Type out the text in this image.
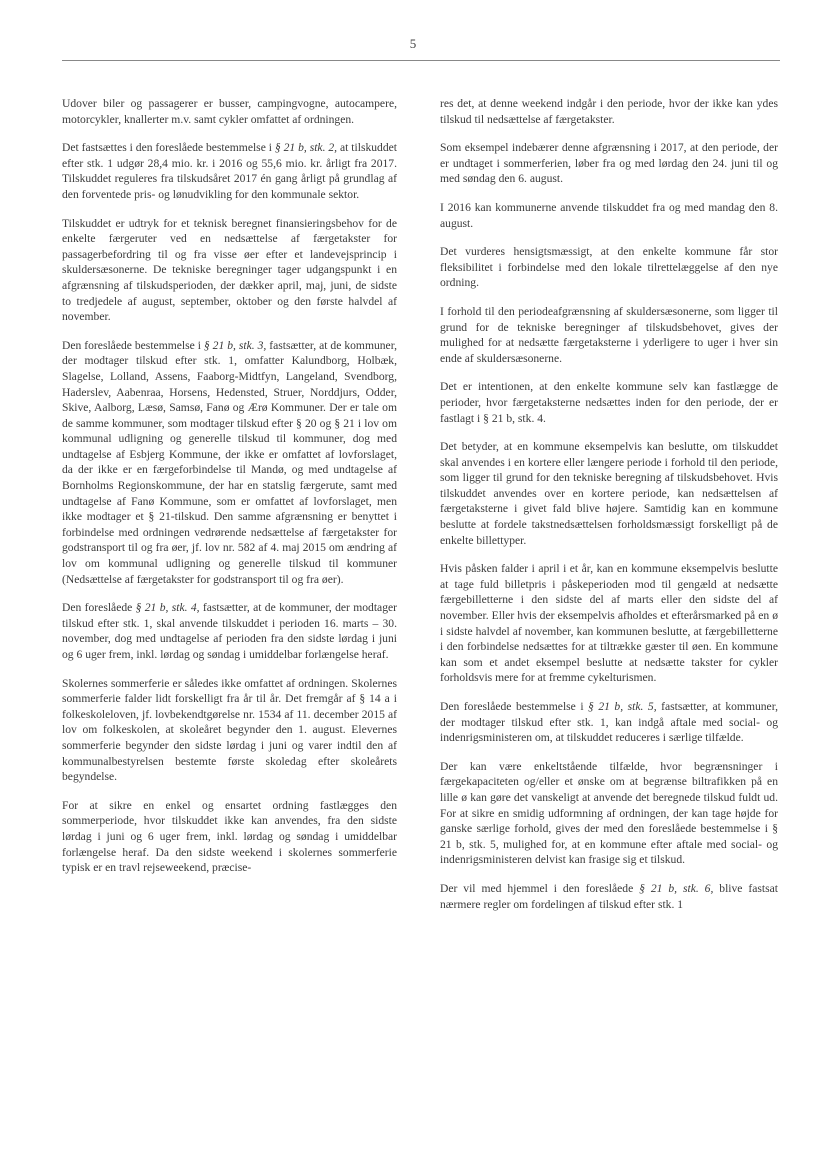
5

Udover biler og passagerer er busser, campingvogne, autocampere, motorcykler, knallerter m.v. samt cykler omfattet af ordningen.

Det fastsættes i den foreslåede bestemmelse i § 21 b, stk. 2, at tilskuddet efter stk. 1 udgør 28,4 mio. kr. i 2016 og 55,6 mio. kr. årligt fra 2017. Tilskuddet reguleres fra tilskudsåret 2017 én gang årligt på grundlag af den forventede pris- og lønudvikling for den kommunale sektor.

Tilskuddet er udtryk for et teknisk beregnet finansieringsbehov for de enkelte færgeruter ved en nedsættelse af færgetakster for passagerbefordring til og fra visse øer efter et landevejsprincip i skuldersæsonerne. De tekniske beregninger tager udgangspunkt i en afgrænsning af tilskudsperioden, der dækker april, maj, juni, de sidste to tredjedele af august, september, oktober og den første halvdel af november.

Den foreslåede bestemmelse i § 21 b, stk. 3, fastsætter, at de kommuner, der modtager tilskud efter stk. 1, omfatter Kalundborg, Holbæk, Slagelse, Lolland, Assens, Faaborg-Midtfyn, Langeland, Svendborg, Haderslev, Aabenraa, Horsens, Hedensted, Struer, Norddjurs, Odder, Skive, Aalborg, Læsø, Samsø, Fanø og Ærø Kommuner. Der er tale om de samme kommuner, som modtager tilskud efter § 20 og § 21 i lov om kommunal udligning og generelle tilskud til kommuner, dog med undtagelse af Esbjerg Kommune, der ikke er omfattet af lovforslaget, da der ikke er en færgeforbindelse til Mandø, og med undtagelse af Bornholms Regionskommune, der har en statslig færgerute, samt med undtagelse af Fanø Kommune, som er omfattet af lovforslaget, men ikke modtager et § 21-tilskud. Den samme afgrænsning er benyttet i forbindelse med ordningen vedrørende nedsættelse af færgetakster for godstransport til og fra øer, jf. lov nr. 582 af 4. maj 2015 om ændring af lov om kommunal udligning og generelle tilskud til kommuner (Nedsættelse af færgetakster for godstransport til og fra øer).

Den foreslåede § 21 b, stk. 4, fastsætter, at de kommuner, der modtager tilskud efter stk. 1, skal anvende tilskuddet i perioden 16. marts – 30. november, dog med undtagelse af perioden fra den sidste lørdag i juni og 6 uger frem, inkl. lørdag og søndag i umiddelbar forlængelse heraf.

Skolernes sommerferie er således ikke omfattet af ordningen. Skolernes sommerferie falder lidt forskelligt fra år til år. Det fremgår af § 14 a i folkeskoleloven, jf. lovbekendtgørelse nr. 1534 af 11. december 2015 af lov om folkeskolen, at skoleåret begynder den 1. august. Elevernes sommerferie begynder den sidste lørdag i juni og varer indtil den af kommunalbestyrelsen bestemte første skoledag efter skoleårets begyndelse.

For at sikre en enkel og ensartet ordning fastlægges den sommerperiode, hvor tilskuddet ikke kan anvendes, fra den sidste lørdag i juni og 6 uger frem, inkl. lørdag og søndag i umiddelbar forlængelse heraf. Da den sidste weekend i skolernes sommerferie typisk er en travl rejseweekend, præcise-

res det, at denne weekend indgår i den periode, hvor der ikke kan ydes tilskud til nedsættelse af færgetakster.

Som eksempel indebærer denne afgrænsning i 2017, at den periode, der er undtaget i sommerferien, løber fra og med lørdag den 24. juni til og med søndag den 6. august.

I 2016 kan kommunerne anvende tilskuddet fra og med mandag den 8. august.

Det vurderes hensigtsmæssigt, at den enkelte kommune får stor fleksibilitet i forbindelse med den lokale tilrettelæggelse af den nye ordning.

I forhold til den periodeafgrænsning af skuldersæsonerne, som ligger til grund for de tekniske beregninger af tilskudsbehovet, gives der mulighed for at nedsætte færgetaksterne i yderligere to uger i hver sin ende af skuldersæsonerne.

Det er intentionen, at den enkelte kommune selv kan fastlægge de perioder, hvor færgetaksterne nedsættes inden for den periode, der er fastlagt i § 21 b, stk. 4.

Det betyder, at en kommune eksempelvis kan beslutte, om tilskuddet skal anvendes i en kortere eller længere periode i forhold til den periode, som ligger til grund for den tekniske beregning af tilskudsbehovet. Hvis tilskuddet anvendes over en kortere periode, kan nedsættelsen af færgetaksterne i givet fald blive højere. Samtidig kan en kommune beslutte at fordele takstnedsættelsen forholdsmæssigt forskelligt på de enkelte billettyper.

Hvis påsken falder i april i et år, kan en kommune eksempelvis beslutte at tage fuld billetpris i påskeperioden mod til gengæld at nedsætte færgebilletterne i den sidste del af marts eller den sidste del af november. Eller hvis der eksempelvis afholdes et efterårsmarked på en ø i sidste halvdel af november, kan kommunen beslutte, at færgebilletterne i den forbindelse nedsættes for at tiltrække gæster til øen. En kommune kan som et andet eksempel beslutte at nedsætte takster for cykler forholdsvis mere for at fremme cykelturismen.

Den foreslåede bestemmelse i § 21 b, stk. 5, fastsætter, at kommuner, der modtager tilskud efter stk. 1, kan indgå aftale med social- og indenrigsministeren om, at tilskuddet reduceres i særlige tilfælde.

Der kan være enkeltstående tilfælde, hvor begrænsninger i færgekapaciteten og/eller et ønske om at begrænse biltrafikken på en lille ø kan gøre det vanskeligt at anvende det beregnede tilskud fuldt ud. For at sikre en smidig udformning af ordningen, der kan tage højde for ganske særlige forhold, gives der med den foreslåede bestemmelse i § 21 b, stk. 5, mulighed for, at en kommune efter aftale med social- og indenrigsministeren delvist kan frasige sig et tilskud.

Der vil med hjemmel i den foreslåede § 21 b, stk. 6, blive fastsat nærmere regler om fordelingen af tilskud efter stk. 1
